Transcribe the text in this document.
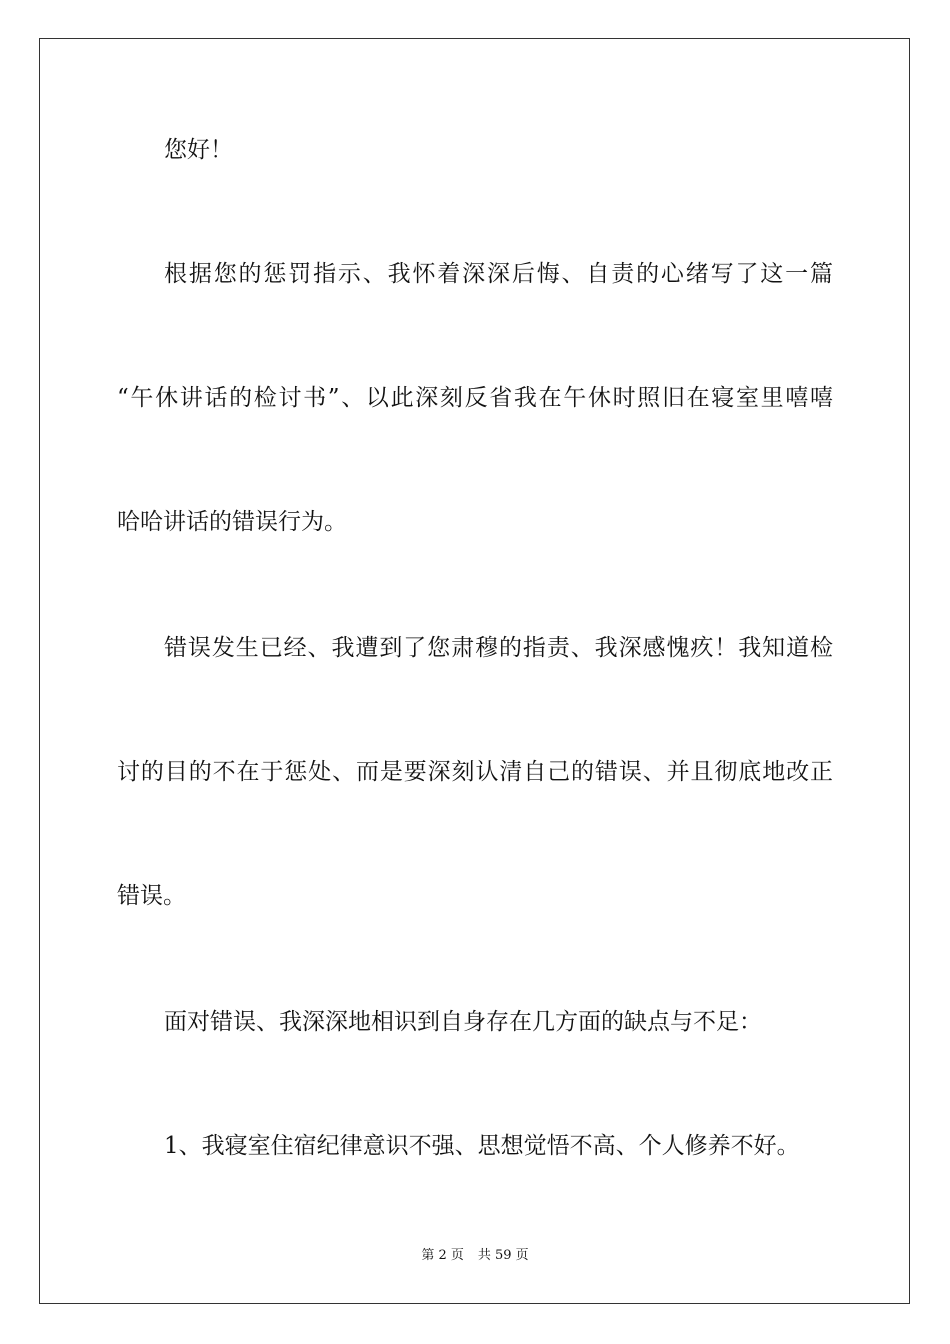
您好！
根据您的惩罚指示、我怀着深深后悔、自责的心绪写了这一篇
“午休讲话的检讨书”、以此深刻反省我在午休时照旧在寝室里嘻嘻
哈哈讲话的错误行为。
错误发生已经、我遭到了您肃穆的指责、我深感愧疚！我知道检
讨的目的不在于惩处、而是要深刻认清自己的错误、并且彻底地改正
错误。
面对错误、我深深地相识到自身存在几方面的缺点与不足：
1、我寝室住宿纪律意识不强、思想觉悟不高、个人修养不好。
第 2 页 共 59 页
